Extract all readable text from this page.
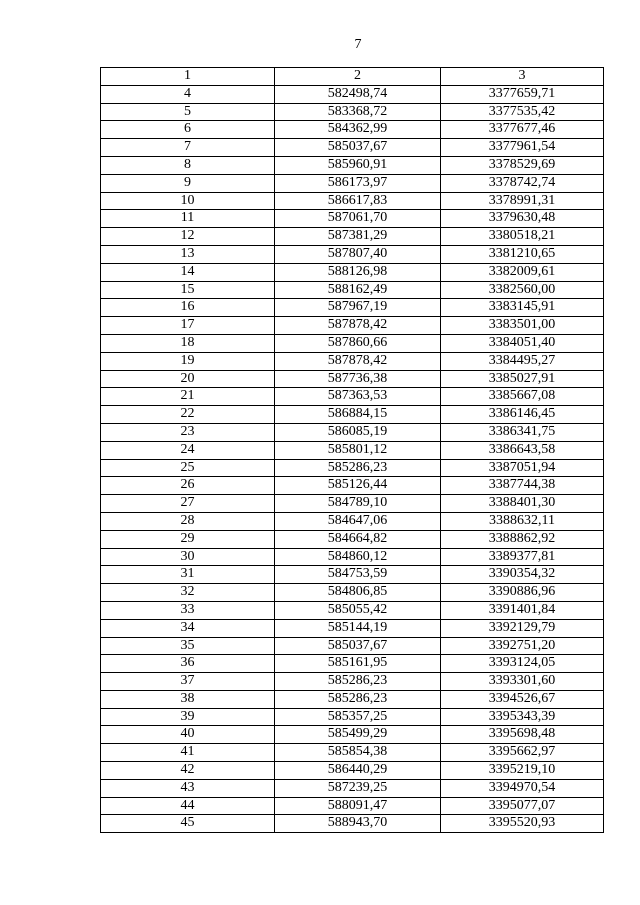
7
1	2	3
4	582498,74	3377659,71
5	583368,72	3377535,42
6	584362,99	3377677,46
7	585037,67	3377961,54
8	585960,91	3378529,69
9	586173,97	3378742,74
10	586617,83	3378991,31
11	587061,70	3379630,48
12	587381,29	3380518,21
13	587807,40	3381210,65
14	588126,98	3382009,61
15	588162,49	3382560,00
16	587967,19	3383145,91
17	587878,42	3383501,00
18	587860,66	3384051,40
19	587878,42	3384495,27
20	587736,38	3385027,91
21	587363,53	3385667,08
22	586884,15	3386146,45
23	586085,19	3386341,75
24	585801,12	3386643,58
25	585286,23	3387051,94
26	585126,44	3387744,38
27	584789,10	3388401,30
28	584647,06	3388632,11
29	584664,82	3388862,92
30	584860,12	3389377,81
31	584753,59	3390354,32
32	584806,85	3390886,96
33	585055,42	3391401,84
34	585144,19	3392129,79
35	585037,67	3392751,20
36	585161,95	3393124,05
37	585286,23	3393301,60
38	585286,23	3394526,67
39	585357,25	3395343,39
40	585499,29	3395698,48
41	585854,38	3395662,97
42	586440,29	3395219,10
43	587239,25	3394970,54
44	588091,47	3395077,07
45	588943,70	3395520,93
